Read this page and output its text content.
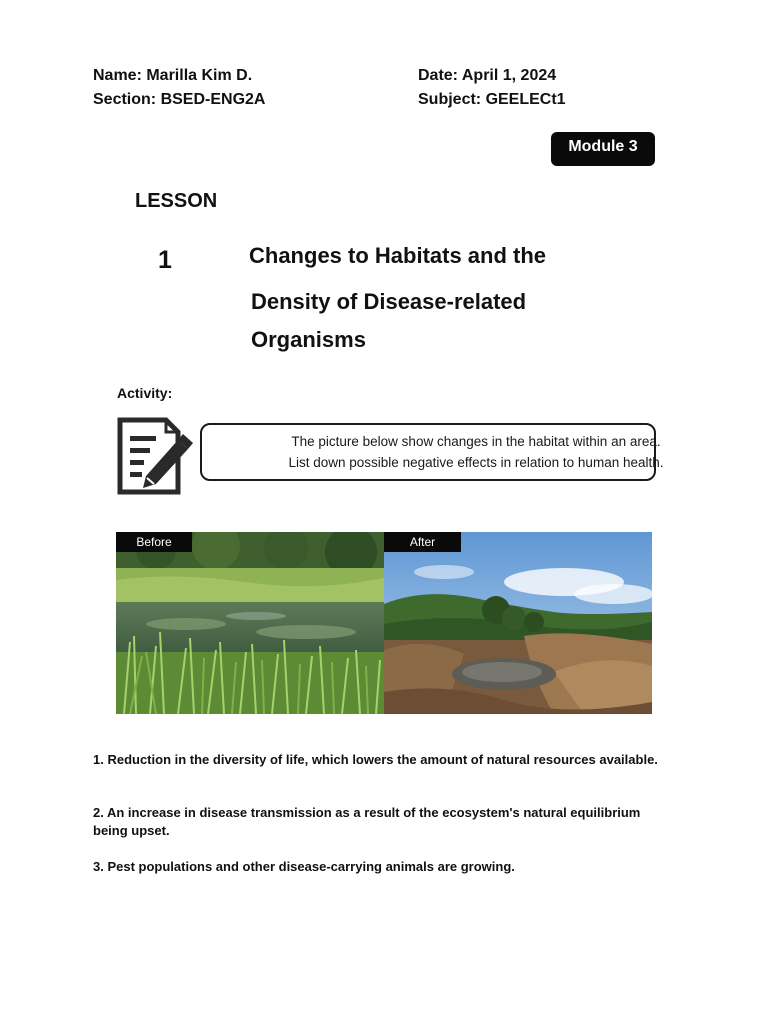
Name: Marilla Kim D.
Section: BSED-ENG2A
Date: April 1, 2024
Subject: GEELECt1
Module 3
LESSON
1	Changes to Habitats and the
Density of Disease-related
Organisms
Activity:
The picture below show changes in the habitat within an area. List down possible negative effects in relation to human health.
Before	After
1. Reduction in the diversity of life, which lowers the amount of natural resources available.
2. An increase in disease transmission as a result of the ecosystem's natural equilibrium being upset.
3. Pest populations and other disease-carrying animals are growing.
